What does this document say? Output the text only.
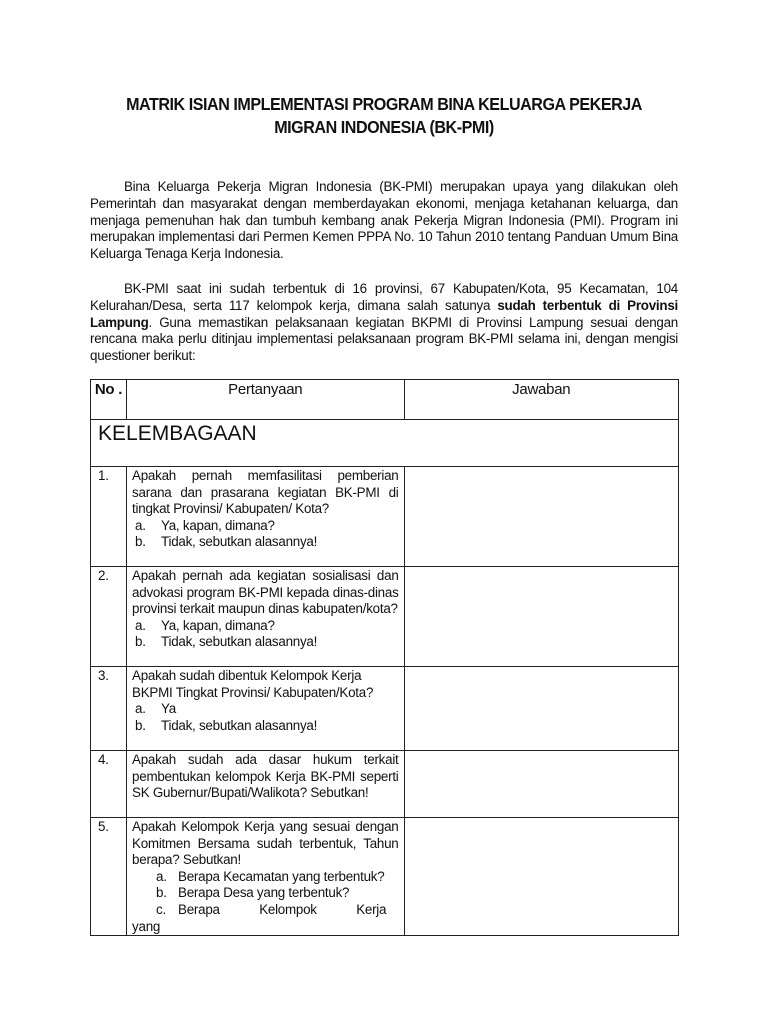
MATRIK ISIAN IMPLEMENTASI PROGRAM BINA KELUARGA PEKERJA
MIGRAN INDONESIA (BK-PMI)
Bina Keluarga Pekerja Migran Indonesia (BK-PMI) merupakan upaya yang dilakukan oleh Pemerintah dan masyarakat dengan memberdayakan ekonomi, menjaga ketahanan keluarga, dan menjaga pemenuhan hak dan tumbuh kembang anak Pekerja Migran Indonesia (PMI). Program ini merupakan implementasi dari Permen Kemen PPPA No. 10 Tahun 2010 tentang Panduan Umum Bina Keluarga Tenaga Kerja Indonesia.
BK-PMI saat ini sudah terbentuk di 16 provinsi, 67 Kabupaten/Kota, 95 Kecamatan, 104 Kelurahan/Desa, serta 117 kelompok kerja, dimana salah satunya sudah terbentuk di Provinsi Lampung. Guna memastikan pelaksanaan kegiatan BKPMI di Provinsi Lampung sesuai dengan rencana maka perlu ditinjau implementasi pelaksanaan program BK-PMI selama ini, dengan mengisi questioner berikut:
No .	Pertanyaan	Jawaban

KELEMBAGAAN		

1.	Apakah pernah memfasilitasi pemberian sarana dan prasarana kegiatan BK-PMI di tingkat Provinsi/ Kabupaten/ Kota?
a. Ya, kapan, dimana?
b. Tidak, sebutkan alasannya!	

2.	Apakah pernah ada kegiatan sosialisasi dan advokasi program BK-PMI kepada dinas-dinas provinsi terkait maupun dinas kabupaten/kota?
a. Ya, kapan, dimana?
b. Tidak, sebutkan alasannya!	

3.	Apakah sudah dibentuk Kelompok Kerja BKPMI Tingkat Provinsi/ Kabupaten/Kota?
a. Ya
b. Tidak, sebutkan alasannya!	

4.	Apakah sudah ada dasar hukum terkait pembentukan kelompok Kerja BK-PMI seperti SK Gubernur/Bupati/Walikota? Sebutkan!	

5.	Apakah Kelompok Kerja yang sesuai dengan Komitmen Bersama sudah terbentuk, Tahun berapa? Sebutkan!
a. Berapa Kecamatan yang terbentuk?
b. Berapa Desa yang terbentuk?
c. Berapa Kelompok Kerja yang	
